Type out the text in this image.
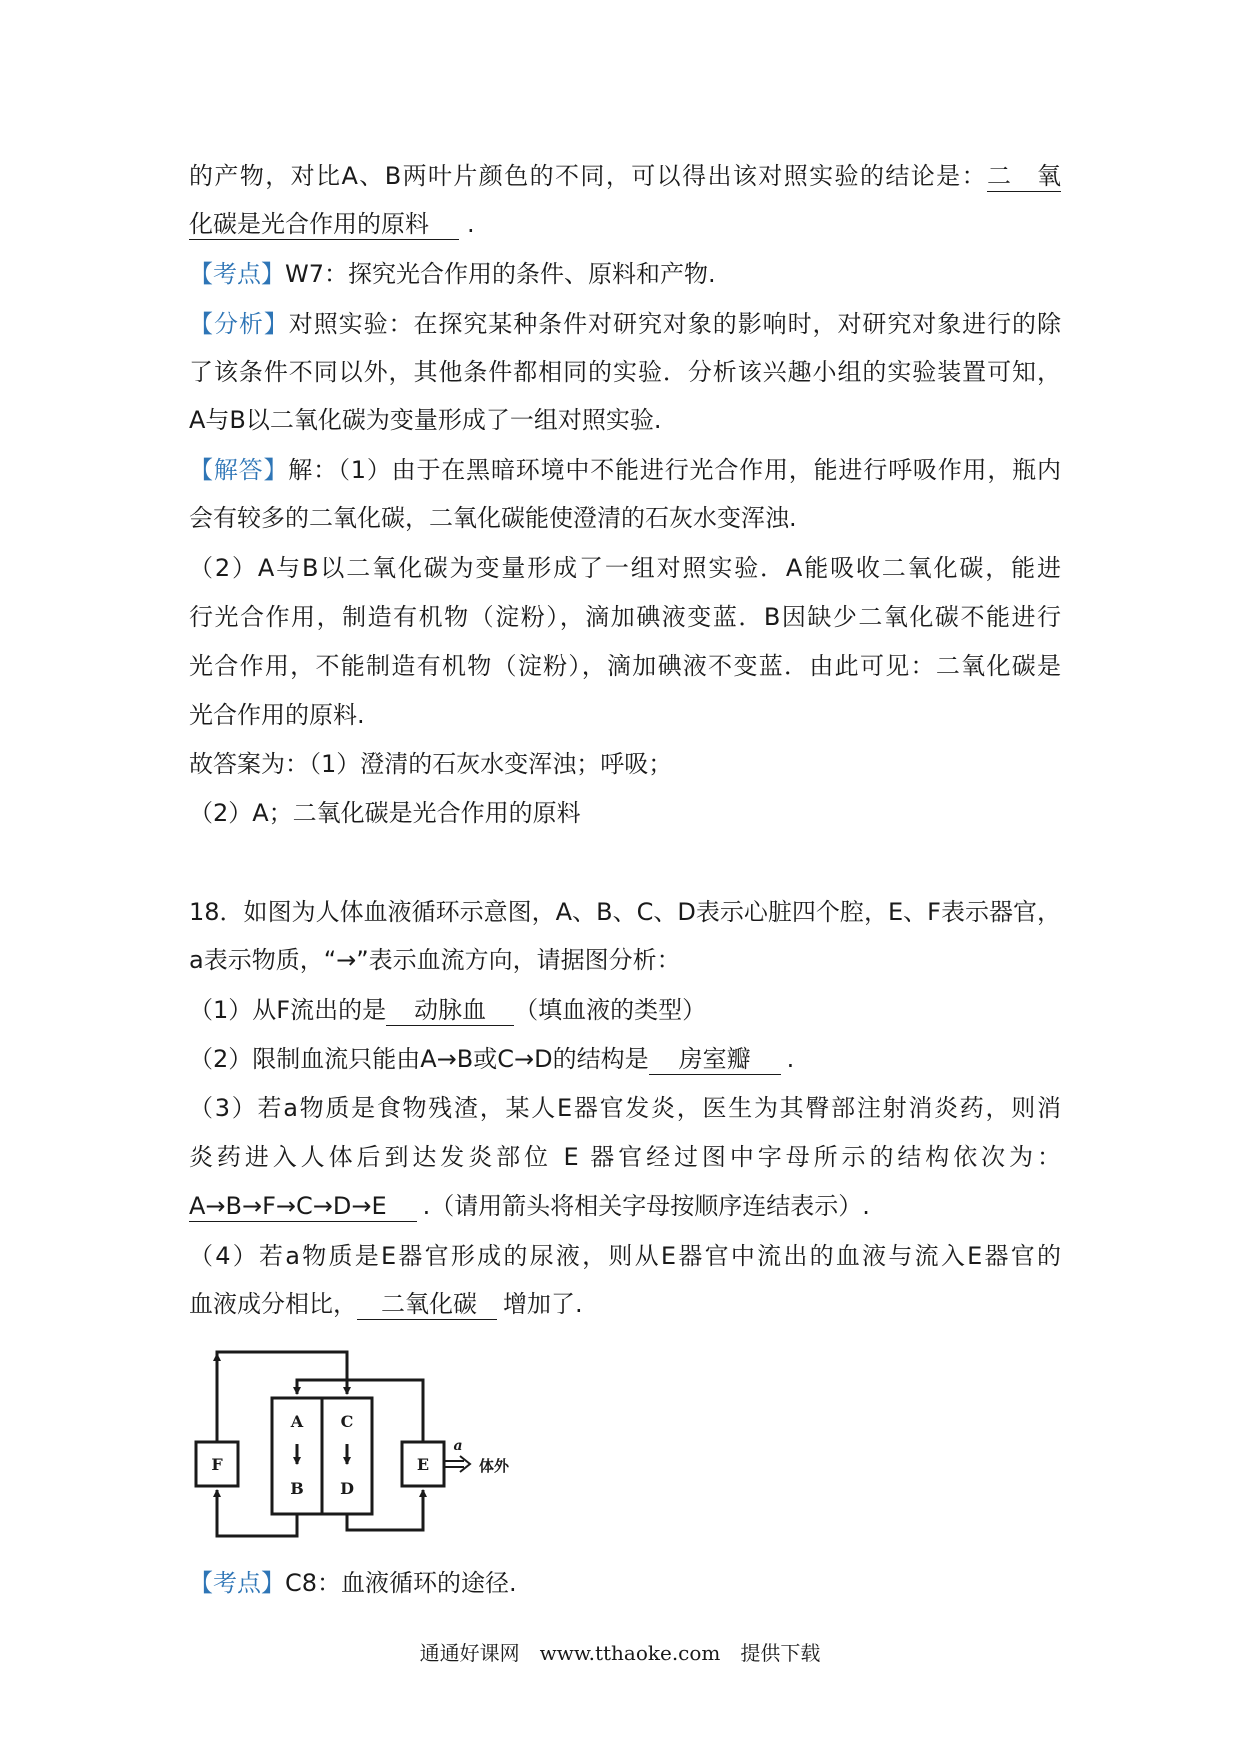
的产物，对比A、B两叶片颜色的不同，可以得出该对照实验的结论是：二氧
化碳是光合作用的原料 .
【考点】W7：探究光合作用的条件、原料和产物.
【分析】对照实验：在探究某种条件对研究对象的影响时，对研究对象进行的除
了该条件不同以外，其他条件都相同的实验．分析该兴趣小组的实验装置可知，
A与B以二氧化碳为变量形成了一组对照实验.
【解答】解：（1）由于在黑暗环境中不能进行光合作用，能进行呼吸作用，瓶内
会有较多的二氧化碳，二氧化碳能使澄清的石灰水变浑浊.
（2）A与B以二氧化碳为变量形成了一组对照实验．A能吸收二氧化碳，能进
行光合作用，制造有机物（淀粉），滴加碘液变蓝．B因缺少二氧化碳不能进行
光合作用，不能制造有机物（淀粉），滴加碘液不变蓝．由此可见：二氧化碳是
光合作用的原料.
故答案为：（1）澄清的石灰水变浑浊；呼吸；
（2）A；二氧化碳是光合作用的原料
18．如图为人体血液循环示意图，A、B、C、D表示心脏四个腔，E、F表示器官，
a表示物质，“→”表示血流方向，请据图分析：
（1）从F流出的是 动脉血 （填血液的类型）
（2）限制血流只能由A→B或C→D的结构是 房室瓣 .
（3）若a物质是食物残渣，某人E器官发炎，医生为其臀部注射消炎药，则消
炎药进入人体后到达发炎部位 E 器官经过图中字母所示的结构依次为：
A→B→F→C→D→E .（请用箭头将相关字母按顺序连结表示）.
（4）若a物质是E器官形成的尿液，则从E器官中流出的血液与流入E器官的
血液成分相比， 二氧化碳 增加了.
A C
B D
F	E
a
体外
【考点】C8：血液循环的途径.
通通好课网　www.tthaoke.com　提供下载
